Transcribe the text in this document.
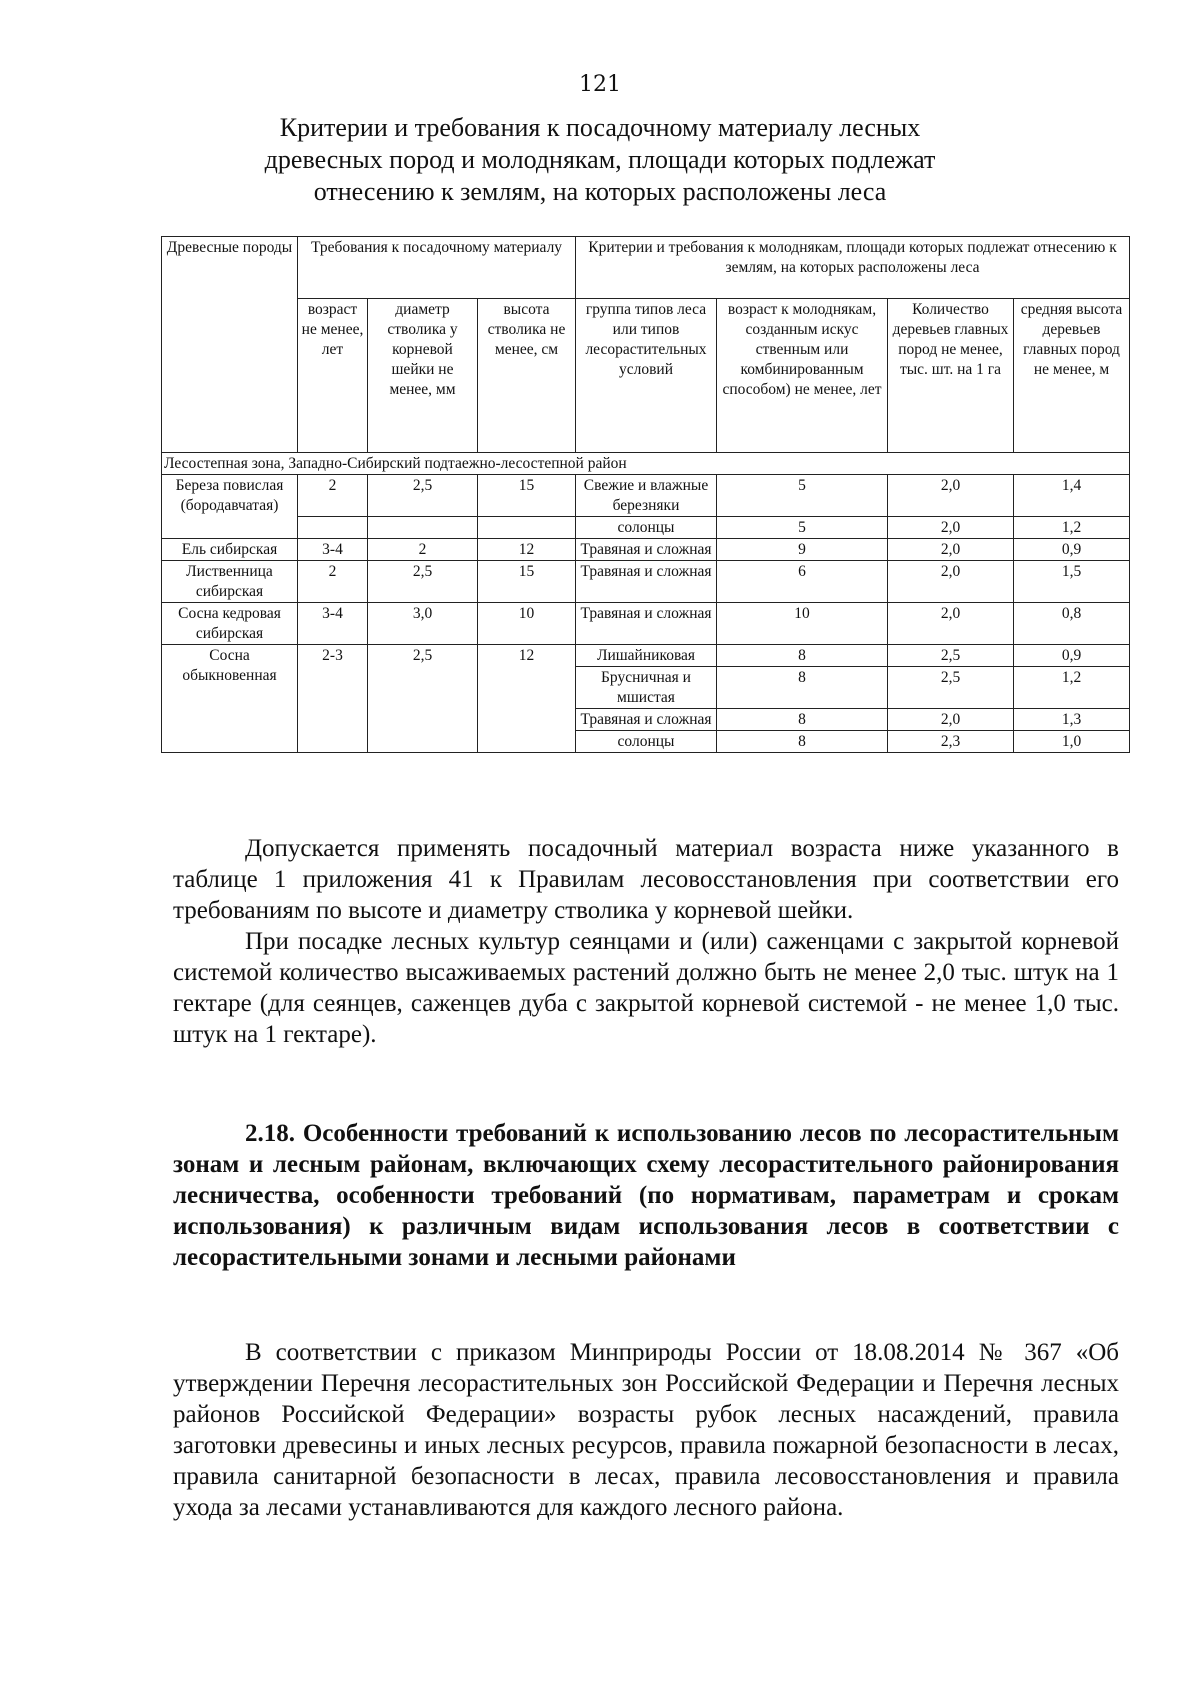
121
Критерии и требования к посадочному материалу лесных
древесных пород и молоднякам, площади которых подлежат
отнесению к землям, на которых расположены леса
Древесные породы	Требования к посадочному материалу			Критерии и требования к молоднякам, площади которых подлежат отнесению к землям, на которых расположены леса			
	возраст не менее, лет	диаметр стволика у корневой шейки не менее, мм	высота стволика не менее, см	группа типов леса или типов лесорастительных условий	возраст к молоднякам, созданным искус ственным или комбинированным способом) не менее, лет	Количество деревьев главных пород не менее, тыс. шт. на 1 га	средняя высота деревьев главных пород не менее, м
Лесостепная зона, Западно-Сибирский подтаежно-лесостепной район							
Береза повислая (бородавчатая)	2	2,5	15	Свежие и влажные березняки	5	2,0	1,4
				солонцы	5	2,0	1,2
Ель сибирская	3-4	2	12	Травяная и сложная	9	2,0	0,9
Лиственница сибирская	2	2,5	15	Травяная и сложная	6	2,0	1,5
Сосна кедровая сибирская	3-4	3,0	10	Травяная и сложная	10	2,0	0,8
Сосна обыкновенная	2-3	2,5	12	Лишайниковая	8	2,5	0,9
				Брусничная и мшистая	8	2,5	1,2
				Травяная и сложная	8	2,0	1,3
				солонцы	8	2,3	1,0

Допускается применять посадочный материал возраста ниже указанного в таблице 1 приложения 41 к Правилам лесовосстановления при соответствии его требованиям по высоте и диаметру стволика у корневой шейки.

При посадке лесных культур сеянцами и (или) саженцами с закрытой корневой системой количество высаживаемых растений должно быть не менее 2,0 тыс. штук на 1 гектаре (для сеянцев, саженцев дуба с закрытой корневой системой - не менее 1,0 тыс. штук на 1 гектаре).

2.18. Особенности требований к использованию лесов по лесорастительным зонам и лесным районам, включающих схему лесорастительного районирования лесничества, особенности требований (по нормативам, параметрам и срокам использования) к различным видам использования лесов в соответствии с лесорастительными зонами и лесными районами

В соответствии с приказом Минприроды России от 18.08.2014 № 367 «Об утверждении Перечня лесорастительных зон Российской Федерации и Перечня лесных районов Российской Федерации» возрасты рубок лесных насаждений, правила заготовки древесины и иных лесных ресурсов, правила пожарной безопасности в лесах, правила санитарной безопасности в лесах, правила лесовосстановления и правила ухода за лесами устанавливаются для каждого лесного района.
